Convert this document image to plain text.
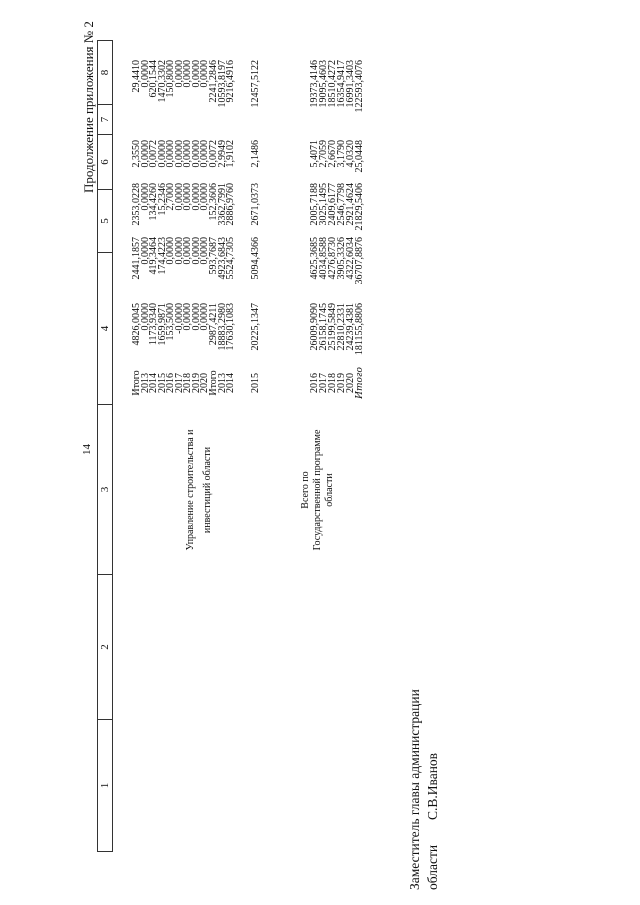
14
Продолжение приложения № 2
1
2
3
4
5
6
7
8
Управление строительства и инвестиций области	Всего по Государственной программе области
Итого
4826,0045
2441,1857
2353,0228
2,3550
29,4410
2013
0,0000
0,0000
0,0000
0,0000
0,0000
2014
1173,9340
419,3464
134,4260
0,0072
620,1544
2015
1659,9871
174,4223
15,2346
0,0000
1470,3302
2016
153,5000
0,0000
2,7000
0,0000
150,8000
2017
-0,0000
0,0000
0,0000
0,0000
0,0000
2018
0,0000
0,0000
0,0000
0,0000
0,0000
2019
0,0000
0,0000
0,0000
0,0000
0,0000
2020
0,0000
0,0000
0,0000
0,0000
0,0000
Итого
2987,4211
593,7687
152,3606
0,0072
2241,2846
2013
18883,2980
4923,6843
3362,7991
2,9949
10593,8197
2014
17630,1083
5524,7305
2886,9760
1,9102
9216,4916
2015
20225,1347
5094,4366
2671,0373
2,1486
12457,5122
2016
26009,9090
4625,3685
2005,7188
5,4071
19373,4146
2017
26158,1745
4034,8588
3025,1495
2,7059
19095,4603
2018
25199,5849
4276,8730
2409,6177
2,6670
18510,4272
2019
22810,2331
3905,3326
2546,7798
3,1790
16354,9417
2020
24239,4381
4322,6034
2921,4624
4,0320
16991,3403
Итого
181155,8806
36707,8876
21829,5406
25,0448
122593,4076
Заместитель главы администрации области
С.В.Иванов
